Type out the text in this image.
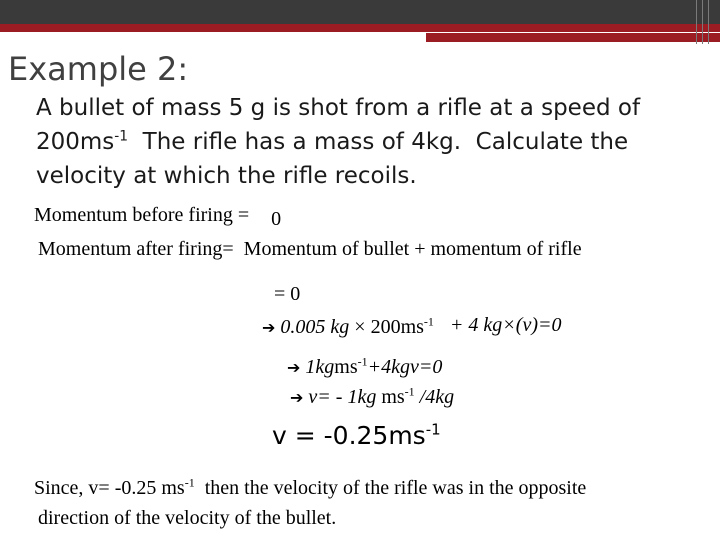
Example 2:
A bullet of mass 5 g is shot from a rifle at a speed of
$200ms^{-1}$  The rifle has a mass of 4kg.  Calculate the
velocity at which the rifle recoils.
Momentum before firing = 0
Momentum after firing=  Momentum of bullet + momentum of rifle
= 0
➔ 0.005 kg × $200ms^{-1} + 4$ kg×(v)=0
➔ 1kgms$^{-1}$+4kgv=0
➔ v= - 1kg $ms^{-1}$ /4kg
$v = -0.25ms^{-1}$
Since, v= -0.25 $ms^{-1}$  then the velocity of the rifle was in the opposite
direction of the velocity of the bullet.
